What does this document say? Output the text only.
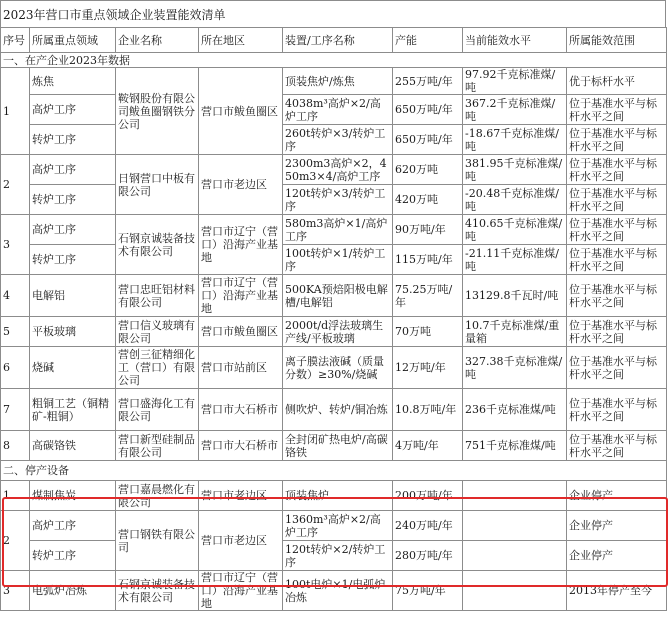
2023年营口市重点领域企业装置能效清单
序号	所属重点领域	企业名称	所在地区	装置/工序名称	产能	当前能效水平	所属能效范围
一、在产企业2023年数据							
1	炼焦	鞍钢股份有限公司鲅鱼圈钢铁分公司	营口市鲅鱼圈区	顶装焦炉/炼焦	255万吨/年	97.92千克标准煤/吨	优于标杆水平
	高炉工序			4038m³高炉×2/高炉工序	650万吨/年	367.2千克标准煤/吨	位于基准水平与标杆水平之间
	转炉工序			260t转炉×3/转炉工序	650万吨/年	-18.67千克标准煤/吨	位于基准水平与标杆水平之间
2	高炉工序	日钢营口中板有限公司	营口市老边区	2300m3高炉×2，450m3×4/高炉工序	620万吨	381.95千克标准煤/吨	位于基准水平与标杆水平之间
	转炉工序			120t转炉×3/转炉工序	420万吨	-20.48千克标准煤/吨	位于基准水平与标杆水平之间
3	高炉工序	石钢京诚装备技术有限公司	营口市辽宁（营口）沿海产业基地	580m3高炉×1/高炉工序	90万吨/年	410.65千克标准煤/吨	位于基准水平与标杆水平之间
	转炉工序			100t转炉×1/转炉工序	115万吨/年	-21.11千克标准煤/吨	位于基准水平与标杆水平之间
4	电解铝	营口忠旺铝材料有限公司	营口市辽宁（营口）沿海产业基地	500KA预焙阳极电解槽/电解铝	75.25万吨/年	13129.8千瓦时/吨	位于基准水平与标杆水平之间
5	平板玻璃	营口信义玻璃有限公司	营口市鲅鱼圈区	2000t/d浮法玻璃生产线/平板玻璃	70万吨	10.7千克标准煤/重量箱	位于基准水平与标杆水平之间
6	烧碱	营创三征精细化工（营口）有限公司	营口市站前区	离子膜法液碱（质量分数）≥30%/烧碱	12万吨/年	327.38千克标准煤/吨	位于基准水平与标杆水平之间
7	粗铜工艺（铜精矿-粗铜）	营口盛海化工有限公司	营口市大石桥市	侧吹炉、转炉/铜冶炼	10.8万吨/年	236千克标准煤/吨	位于基准水平与标杆水平之间
8	高碳铬铁	营口新型硅制品有限公司	营口市大石桥市	全封闭矿热电炉/高碳铬铁	4万吨/年	751千克标准煤/吨	位于基准水平与标杆水平之间
二、停产设备							
1	煤制焦炭	营口嘉晨燃化有限公司	营口市老边区	顶装焦炉	200万吨/年		企业停产
2	高炉工序	营口钢铁有限公司	营口市老边区	1360m³高炉×2/高炉工序	240万吨/年		企业停产
	转炉工序			120t转炉×2/转炉工序	280万吨/年		企业停产
3	电弧炉冶炼	石钢京诚装备技术有限公司	营口市辽宁（营口）沿海产业基地	100t电炉×1/电弧炉冶炼	75万吨/年		2013年停产至今
